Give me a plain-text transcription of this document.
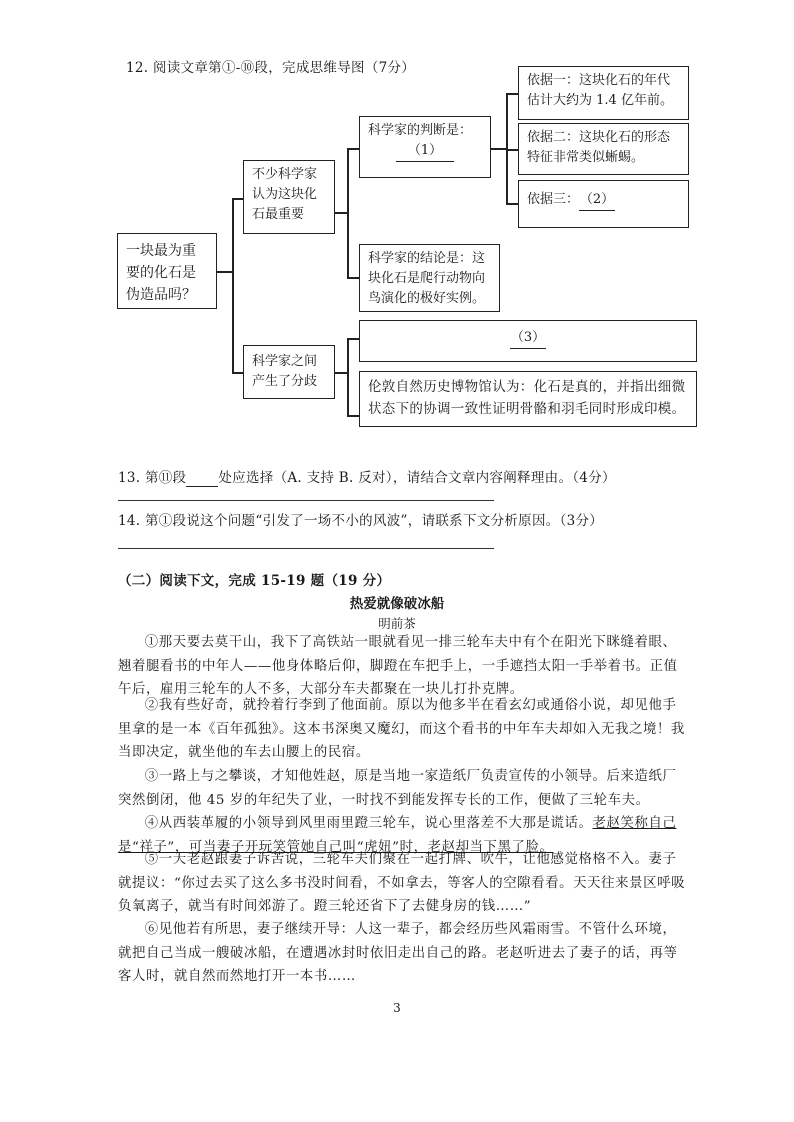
12. 阅读文章第①-⑩段，完成思维导图（7分）
一块最为重要的化石是伪造品吗？
不少科学家认为这块化石最重要
科学家的判断是：
（1）
依据一：这块化石的年代估计大约为 1.4 亿年前。
依据二：这块化石的形态特征非常类似蜥蜴。
依据三：（2）
科学家的结论是：这块化石是爬行动物向鸟演化的极好实例。
科学家之间产生了分歧
（3）
伦敦自然历史博物馆认为：化石是真的，并指出细微状态下的协调一致性证明骨骼和羽毛同时形成印模。
13. 第⑪段 处应选择（A. 支持 B. 反对），请结合文章内容阐释理由。（4分）
14. 第①段说这个问题“引发了一场不小的风波”，请联系下文分析原因。（3分）
（二）阅读下文，完成 15-19 题（19 分）
热爱就像破冰船
明前茶

①那天要去莫干山，我下了高铁站一眼就看见一排三轮车夫中有个在阳光下眯缝着眼、翘着腿看书的中年人——他身体略后仰，脚蹬在车把手上，一手遮挡太阳一手举着书。正值午后，雇用三轮车的人不多，大部分车夫都聚在一块儿打扑克牌。

②我有些好奇，就拎着行李到了他面前。原以为他多半在看玄幻或通俗小说，却见他手里拿的是一本《百年孤独》。这本书深奥又魔幻，而这个看书的中年车夫却如入无我之境！我当即决定，就坐他的车去山腰上的民宿。

③一路上与之攀谈，才知他姓赵，原是当地一家造纸厂负责宣传的小领导。后来造纸厂突然倒闭，他 45 岁的年纪失了业，一时找不到能发挥专长的工作，便做了三轮车夫。

④从西装革履的小领导到风里雨里蹬三轮车，说心里落差不大那是谎话。老赵笑称自己是“祥子”，可当妻子开玩笑管她自己叫“虎妞”时，老赵却当下黑了脸。

⑤一天老赵跟妻子诉苦说，三轮车夫们聚在一起打牌、吹牛，让他感觉格格不入。妻子就提议：“你过去买了这么多书没时间看，不如拿去，等客人的空隙看看。天天往来景区呼吸负氧离子，就当有时间郊游了。蹬三轮还省下了去健身房的钱……”

⑥见他若有所思，妻子继续开导：人这一辈子，都会经历些风霜雨雪。不管什么环境，就把自己当成一艘破冰船，在遭遇冰封时依旧走出自己的路。老赵听进去了妻子的话，再等客人时，就自然而然地打开一本书……

3
